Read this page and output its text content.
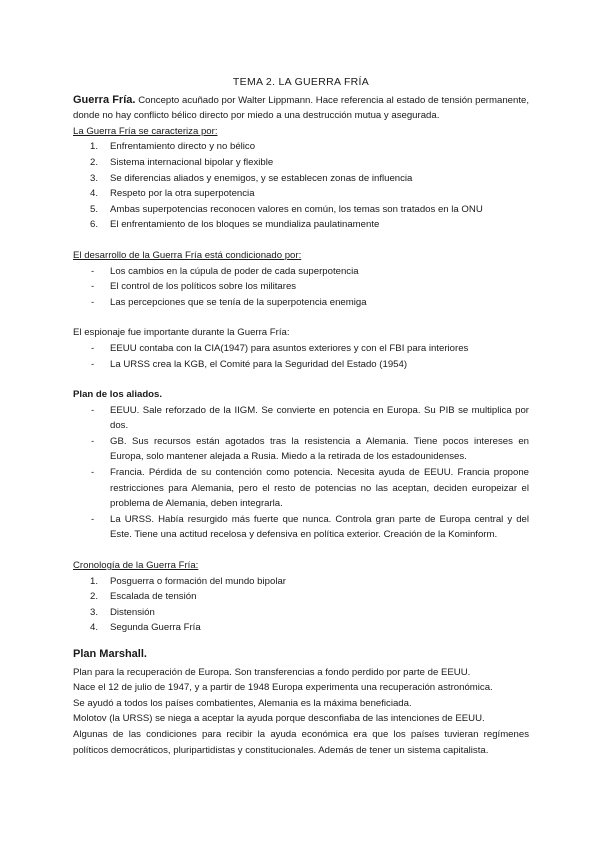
TEMA 2. LA GUERRA FRÍA
Guerra Fría. Concepto acuñado por Walter Lippmann. Hace referencia al estado de tensión permanente, donde no hay conflicto bélico directo por miedo a una destrucción mutua y asegurada.
La Guerra Fría se caracteriza por:
1. Enfrentamiento directo y no bélico
2. Sistema internacional bipolar y flexible
3. Se diferencias aliados y enemigos, y se establecen zonas de influencia
4. Respeto por la otra superpotencia
5. Ambas superpotencias reconocen valores en común, los temas son tratados en la ONU
6. El enfrentamiento de los bloques se mundializa paulatinamente
El desarrollo de la Guerra Fría está condicionado por:
- Los cambios en la cúpula de poder de cada superpotencia
- El control de los políticos sobre los militares
- Las percepciones que se tenía de la superpotencia enemiga
El espionaje fue importante durante la Guerra Fría:
- EEUU contaba con la CIA(1947) para asuntos exteriores y con el FBI para interiores
- La URSS crea la KGB, el Comité para la Seguridad del Estado (1954)
Plan de los aliados.
- EEUU. Sale reforzado de la IIGM. Se convierte en potencia en Europa. Su PIB se multiplica por dos.
- GB. Sus recursos están agotados tras la resistencia a Alemania. Tiene pocos intereses en Europa, solo mantener alejada a Rusia. Miedo a la retirada de los estadounidenses.
- Francia. Pérdida de su contención como potencia. Necesita ayuda de EEUU. Francia propone restricciones para Alemania, pero el resto de potencias no las aceptan, deciden europeizar el problema de Alemania, deben integrarla.
- La URSS. Había resurgido más fuerte que nunca. Controla gran parte de Europa central y del Este. Tiene una actitud recelosa y defensiva en política exterior. Creación de la Kominform.
Cronología de la Guerra Fría:
1. Posguerra o formación del mundo bipolar
2. Escalada de tensión
3. Distensión
4. Segunda Guerra Fría
Plan Marshall.
Plan para la recuperación de Europa. Son transferencias a fondo perdido por parte de EEUU.
Nace el 12 de julio de 1947, y a partir de 1948 Europa experimenta una recuperación astronómica.
Se ayudó a todos los países combatientes, Alemania es la máxima beneficiada.
Molotov (la URSS) se niega a aceptar la ayuda porque desconfiaba de las intenciones de EEUU.
Algunas de las condiciones para recibir la ayuda económica era que los países tuvieran regímenes políticos democráticos, pluripartidistas y constitucionales. Además de tener un sistema capitalista.
